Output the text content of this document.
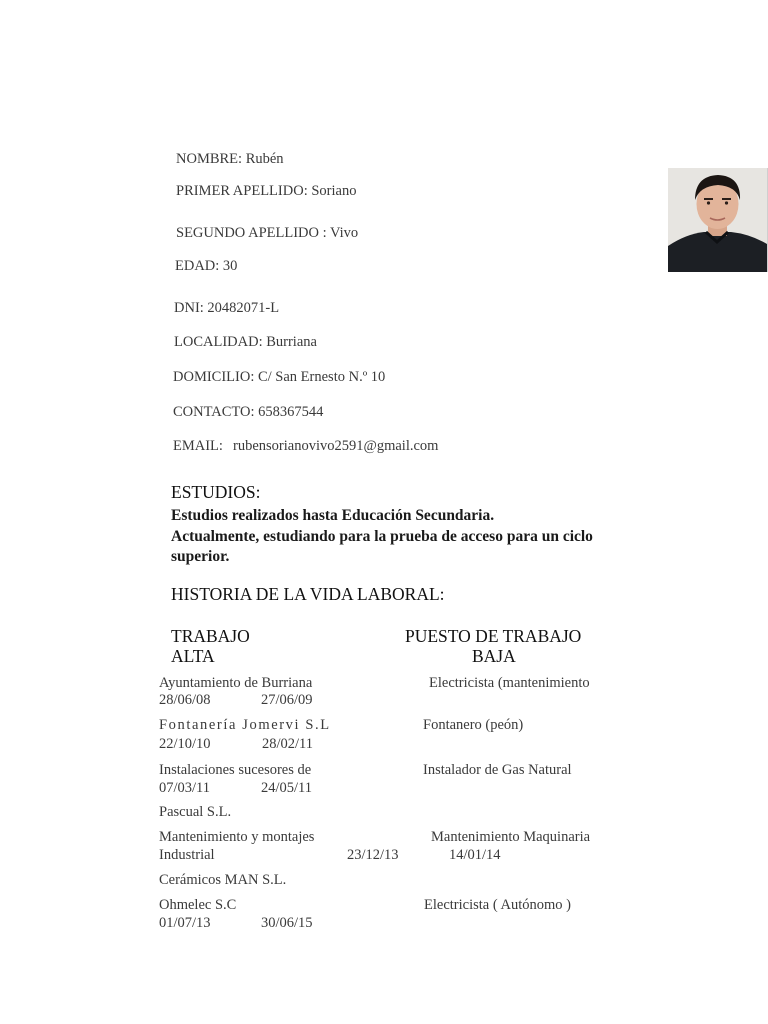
NOMBRE: Rubén
PRIMER APELLIDO: Soriano
SEGUNDO APELLIDO : Vivo
EDAD: 30
DNI: 20482071-L
LOCALIDAD: Burriana
DOMICILIO: C/ San Ernesto N.º 10
CONTACTO: 658367544
EMAIL: rubensorianovivo2591@gmail.com
ESTUDIOS:
Estudios realizados hasta Educación Secundaria.
Actualmente, estudiando para la prueba de acceso para un ciclo
superior.
HISTORIA DE LA VIDA LABORAL:
TRABAJO	PUESTO DE TRABAJO
ALTA	BAJA
Ayuntamiento de Burriana	Electricista (mantenimiento
28/06/08	27/06/09
Fontanería Jomervi S.L	Fontanero (peón)
22/10/10	28/02/11
Instalaciones sucesores de	Instalador de Gas Natural
07/03/11	24/05/11
Pascual S.L.
Mantenimiento y montajes	Mantenimiento Maquinaria
Industrial	23/12/13	14/01/14
Cerámicos MAN S.L.
Ohmelec S.C	Electricista ( Autónomo )
01/07/13	30/06/15
